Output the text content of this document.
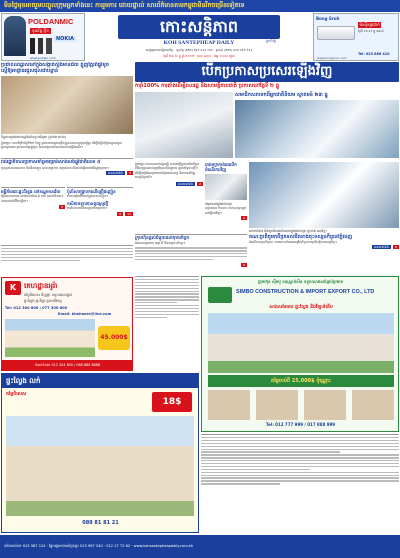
មិនថ្ងៃមុខអាចរួមបញ្ចូលក្រុមអ្នកទាំងនេះ ការរួមការ ដោយផ្ទាល់ សារព័ត៌មានតាមកម្ពុជាមិនរីកចម្រើនទៀតទេ
POLDANMIC
ទូរស័ព្ទ ថ្មីៗ
NOKIA
www.poldan.com
កោះសន្តិភាព
ប្រចាំថ្ងៃ
KOH SANTEPHEAP DAILY
ចេញផ្សាយជារៀងរាល់ថ្ងៃ · ទូរស័ព្ទ (855) 023 213 721 · ទូរសារ (855) 023 213 721
ថ្ងៃទី ២៣ ខែ ធ្នូ ឆ្នាំ ២០១២ · លេខ ៦៣០ · តម្លៃ ១០០០ រៀល
Bong Sruh
ម៉ាស៊ីនត្រជាក់
ថ្ងៃទី 13-17 ធ្នូ 2012
Tel: 023 886 410
www.bongsruh.com
ប្រជាពលរដ្ឋរស់នៅក្នុងសង្កាត់ស្ទឹងមានជ័យ ត្អូញត្អែរពីផ្លូវខូច ស្នើឱ្យអាជ្ញាធរជួសជុលជាបន្ទាន់
ទិដ្ឋភាពប្រជាពលរដ្ឋរង់ចាំទទួលជំនួយ (រូបថត ហេង)
ភ្នំពេញ៖ កាលពីព្រឹកថ្ងៃទី២២ ខែធ្នូ ប្រជាពលរដ្ឋជាច្រើនគ្រួសារបានប្រមូលផ្តុំគ្នា ដើម្បីស្នើសុំឱ្យអាជ្ញាធរមូលដ្ឋានជួយដោះស្រាយបញ្ហាផ្លូវខូច ដែលបង្កការលំបាកដល់ការធ្វើដំណើរ។
បើកប្រកាសប្រសេរឡើងវិញ
ការ៉ាំ100% ការតាំងដើម្បីពលរដ្ឋ និងសាមគ្គីភាពជាតិ ប្រកាសនៅថ្ងៃទី ២ ធ្នូ
សមាជិកសភាមកពីអ្នកជាតិនិយម ស្វាគមន៍ ២៣ ធ្នូ
រាជរដ្ឋាភិបាលប្រកាសគាំទ្រគម្រោងសាងសង់ផ្លូវជាតិលេខ ៥
ក្រសួងសាធារណការ និងដឹកជញ្ជូន បានបញ្ជាក់ថា គម្រោងនេះនឹងចាប់ផ្តើមនៅដើមឆ្នាំក្រោយ។
មានតទៅទំព័រ 3
អគ្គីភ័យឆេះផ្ទះពីរខ្នង នៅខណ្ឌមានជ័យ
ភ្លើងបានឆាបឆេះនៅវេលាម៉ោង ៩ យប់ ដោយមិនមានការបាត់បង់ជីវិតឡើយ។
5
ប៉ូលិសបង្ក្រាបករណីគ្រឿងញៀន
ជនសង្ស័យពីរនាក់ត្រូវបានចាប់ខ្លួន។
កសិករទទួលបានពូជស្រូវថ្មី
ការចែកចាយនឹងបន្តនៅខែក្រោយ។
6 11
ភ្នំពេញ៖ លោកនាយករដ្ឋមន្ត្រី បានអញ្ជើញជាអធិបតីក្នុងពិធីសម្ពោធដាក់ឲ្យប្រើប្រាស់ជាផ្លូវការ នូវសមិទ្ធផលថ្មីៗ ដើម្បីបម្រើផលប្រយោជន៍ប្រជាពលរដ្ឋ និងការអភិវឌ្ឍសេដ្ឋកិច្ចជាតិ។
មានតទៅទំព័រ 2
រោងចក្រកាត់ដេរបើកដំណើរការវិញ
កម្មករនៅក្នុងរោងចក្រ
កម្មករជាង ២០០០ នាក់បានត្រឡប់ទៅធ្វើការវិញ។
4
លោកជំទាវ ពិនិត្យមើលផលិតផលក្នុងរោងចក្រ (រូបថត ណារិទ្ធ)
គណៈប្រតិភូមកពីប្រទេសជិតខាងចុះទស្សនកិច្ចនៅភ្នំពេញ
ដំណើរទស្សនកិច្ចនេះ មានគោលបំណងពង្រឹងកិច្ចសហប្រតិបត្តិការសេដ្ឋកិច្ច។
មានតទៅទំព័រ 8
ក្រុមហ៊ុនផ្តល់ជំនួយដល់កុមារកំព្រា
អំណោយរួមមាន អង្ករ មី និងសម្ភារៈសិក្សា។
9
K	គេហដ្ឋានអូរ៉ា
តម្លៃពិសេស ទិញផ្ទះ ទទួលបានរង្វាន់
ផ្ទះល្វែង ផ្ទះវីឡា ផ្ទះអាជីវកម្ម
Tel: 012 300 800 / 077 300 800
Email: kimhoare@live.com
45.000$
ទំនាក់ទំនង៖ 012 304 850 / 088 888 8888
ក្រុមហ៊ុន ស៊ីមបូ ខនស្ត្រាក់សិន ទទួលសាងសង់គ្រប់ប្រភេទ
SIMBO CONSTRUCTION & IMPORT EXPORT CO., LTD
សាងសង់អគារ ផ្ទះល្វែង និងវីឡាទំនើប
តម្លៃចាប់ពី 25.000$ ប៉ុណ្ណោះ
Tel: 012 777 999 / 017 888 999
ផ្ទះល្វែង លក់
តម្លៃពិសេស
18$
089 81 81 21
ការិយាល័យ៖ 023 987 124 · ផ្នែកផ្សាយពាណិជ្ជកម្ម៖ 023 987 240 · 012 27 72 62 · www.kohsantepheapdaily.com.kh
